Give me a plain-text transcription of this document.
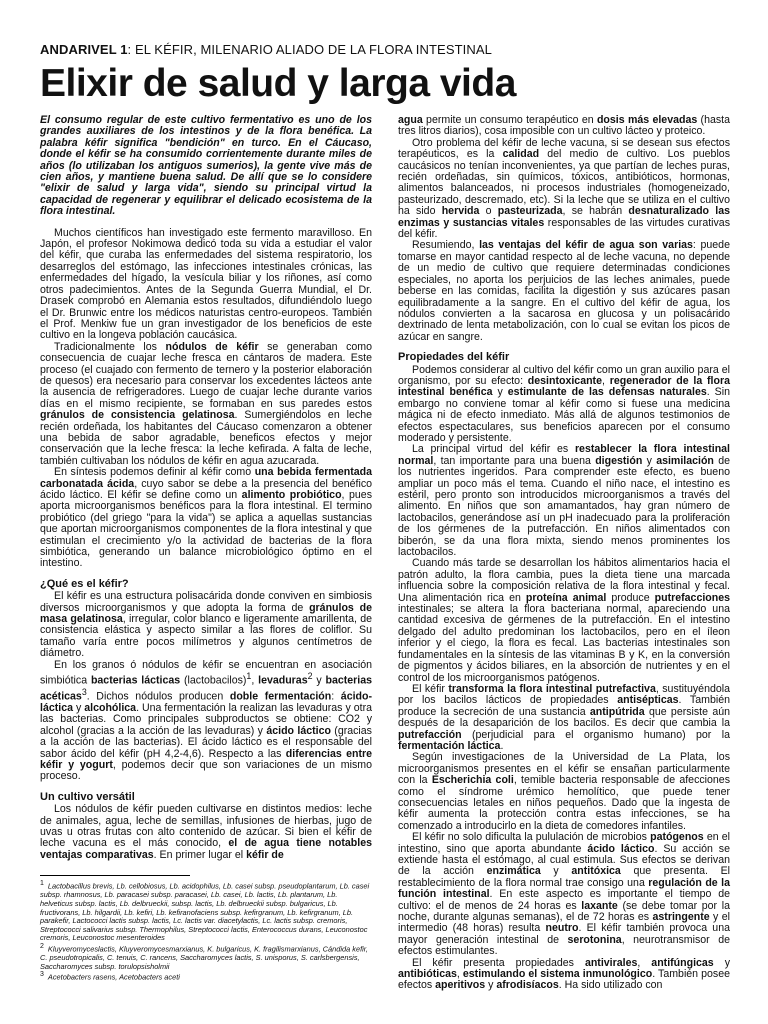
ANDARIVEL 1: EL KÉFIR, MILENARIO ALIADO DE LA FLORA INTESTINAL
Elixir de salud y larga vida

El consumo regular de este cultivo fermentativo es uno de los grandes auxiliares de los intestinos y de la flora benéfica. La palabra kéfir significa "bendición" en turco. En el Cáucaso, donde el kéfir se ha consumido corrientemente durante miles de años (lo utilizaban los antiguos sumerios), la gente vive más de cien años, y mantiene buena salud. De allí que se lo considere "elixir de salud y larga vida", siendo su principal virtud la capacidad de regenerar y equilibrar el delicado ecosistema de la flora intestinal.

Muchos científicos han investigado este fermento maravilloso. En Japón, el profesor Nokimowa dedicó toda su vida a estudiar el valor del kéfir, que curaba las enfermedades del sistema respiratorio, los desarreglos del estómago, las infecciones intestinales crónicas, las enfermedades del hígado, la vesícula biliar y los riñones, así como otros padecimientos. Antes de la Segunda Guerra Mundial, el Dr. Drasek comprobó en Alemania estos resultados, difundiéndolo luego el Dr. Brunwic entre los médicos naturistas centro-europeos. También el Prof. Menkiw fue un gran investigador de los beneficios de este cultivo en la longeva población caucásica.

Tradicionalmente los nódulos de kéfir se generaban como consecuencia de cuajar leche fresca en cántaros de madera. Este proceso (el cuajado con fermento de ternero y la posterior elaboración de quesos) era necesario para conservar los excedentes lácteos ante la ausencia de refrigeradores. Luego de cuajar leche durante varios días en el mismo recipiente, se formaban en sus paredes estos gránulos de consistencia gelatinosa. Sumergiéndolos en leche recién ordeñada, los habitantes del Cáucaso comenzaron a obtener una bebida de sabor agradable, beneficos efectos y mejor conservación que la leche fresca: la leche kefirada. A falta de leche, también cultivaban los nódulos de kéfir en agua azucarada.

En síntesis podemos definir al kéfir como una bebida fermentada carbonatada ácida, cuyo sabor se debe a la presencia del benéfico ácido láctico. El kéfir se define como un alimento probiótico, pues aporta microorganismos benéficos para la flora intestinal. El termino probiótico (del griego "para la vida") se aplica a aquellas sustancias que aportan microorganismos componentes de la flora intestinal y que estimulan el crecimiento y/o la actividad de bacterias de la flora simbiótica, generando un balance microbiológico óptimo en el intestino.

¿Qué es el kéfir?

El kéfir es una estructura polisacárida donde conviven en simbiosis diversos microorganismos y que adopta la forma de gránulos de masa gelatinosa, irregular, color blanco e ligeramente amarillenta, de consistencia elástica y aspecto similar a las flores de coliflor. Su tamaño varía entre pocos milímetros y algunos centímetros de diámetro.

En los granos ó nódulos de kéfir se encuentran en asociación simbiótica bacterias lácticas (lactobacilos)$^1$, levaduras$^2$ y bacterias acéticas$^3$. Dichos nódulos producen doble fermentación: ácido-láctica y alcohólica. Una fermentación la realizan las levaduras y otra las bacterias. Como principales subproductos se obtiene: CO2 y alcohol (gracias a la acción de las levaduras) y ácido láctico (gracias a la acción de las bacterias). El ácido láctico es el responsable del sabor ácido del kéfir (pH 4,2-4,6). Respecto a las diferencias entre kéfir y yogurt, podemos decir que son variaciones de un mismo proceso.

Un cultivo versátil

Los nódulos de kéfir pueden cultivarse en distintos medios: leche de animales, agua, leche de semillas, infusiones de hierbas, jugo de uvas u otras frutas con alto contenido de azúcar. Si bien el kéfir de leche vacuna es el más conocido, el de agua tiene notables ventajas comparativas. En primer lugar el kéfir de

$^1$ Lactobacillus brevis, Lb. cellobiosus, Lb. acidophilus, Lb. casei subsp. pseudoplantarum, Lb. casei subsp. rhamnosus, Lb. paracasei subsp. paracasei, Lb. casei, Lb. lactis, Lb. plantarum, Lb. helveticus subsp. lactis, Lb. delbrueckii, subsp. lactis, Lb. delbrueckii subsp. bulgaricus, Lb. fructivorans, Lb. hilgardii, Lb. kefiri, Lb. kefiranofaciens subsp. kefirgranum, Lb. kefirgranum, Lb. parakefir, Lactococci lactis subsp. lactis, Lc. lactis var. diacetylactis, Lc. lactis subsp. cremoris, Streptococci salivarius subsp. Thermophilus, Streptococci lactis, Enterococcus durans, Leuconostoc cremoris, Leuconostoc mesenteroides

$^2$ Kluyveromyceslactis, Kluyveromycesmarxianus, K. bulgaricus, K. fragilismarxianus, Cándida kefir, C. pseudotropicalis, C. tenuis, C. rancens, Saccharomyces lactis, S. unisporus, S. carlsbergensis, Saccharomyces subsp. torulopsisholmii

$^3$ Acetobacters rasens, Acetobacters aceti

agua permite un consumo terapéutico en dosis más elevadas (hasta tres litros diarios), cosa imposible con un cultivo lácteo y proteico.

Otro problema del kéfir de leche vacuna, si se desean sus efectos terapéuticos, es la calidad del medio de cultivo. Los pueblos caucásicos no tenían inconvenientes, ya que partían de leches puras, recién ordeñadas, sin químicos, tóxicos, antibióticos, hormonas, alimentos balanceados, ni procesos industriales (homogeneizado, pasteurizado, descremado, etc). Si la leche que se utiliza en el cultivo ha sido hervida o pasteurizada, se habrán desnaturalizado las enzimas y sustancias vitales responsables de las virtudes curativas del kéfir.

Resumiendo, las ventajas del kéfir de agua son varias: puede tomarse en mayor cantidad respecto al de leche vacuna, no depende de un medio de cultivo que requiere determinadas condiciones especiales, no aporta los perjuicios de las leches animales, puede beberse en las comidas, facilita la digestión y sus azúcares pasan equilibradamente a la sangre. En el cultivo del kéfir de agua, los nódulos convierten a la sacarosa en glucosa y un polisacárido dextrinado de lenta metabolización, con lo cual se evitan los picos de azúcar en sangre.

Propiedades del kéfir

Podemos considerar al cultivo del kéfir como un gran auxilio para el organismo, por su efecto: desintoxicante, regenerador de la flora intestinal benéfica y estimulante de las defensas naturales. Sin embargo no conviene tomar al kéfir como si fuese una medicina mágica ni de efecto inmediato. Más allá de algunos testimonios de efectos espectaculares, sus beneficios aparecen por el consumo moderado y persistente.

La principal virtud del kéfir es restablecer la flora intestinal normal, tan importante para una buena digestión y asimilación de los nutrientes ingeridos. Para comprender este efecto, es bueno ampliar un poco más el tema. Cuando el niño nace, el intestino es estéril, pero pronto son introducidos microorganismos a través del alimento. En niños que son amamantados, hay gran número de lactobacilos, generándose así un pH inadecuado para la proliferación de los gérmenes de la putrefacción. En niños alimentados con biberón, se da una flora mixta, siendo menos prominentes los lactobacilos.

Cuando más tarde se desarrollan los hábitos alimentarios hacia el patrón adulto, la flora cambia, pues la dieta tiene una marcada influencia sobre la composición relativa de la flora intestinal y fecal. Una alimentación rica en proteína animal produce putrefacciones intestinales; se altera la flora bacteriana normal, apareciendo una cantidad excesiva de gérmenes de la putrefacción. En el intestino delgado del adulto predominan los lactobacilos, pero en el íleon inferior y el ciego, la flora es fecal. Las bacterias intestinales son fundamentales en la síntesis de las vitaminas B y K, en la conversión de pigmentos y ácidos biliares, en la absorción de nutrientes y en el control de los microorganismos patógenos.

El kéfir transforma la flora intestinal putrefactiva, sustituyéndola por los bacilos lácticos de propiedades antisépticas. También produce la secreción de una sustancia antipútrida que persiste aún después de la desaparición de los bacilos. Es decir que cambia la putrefacción (perjudicial para el organismo humano) por la fermentación láctica.

Según investigaciones de la Universidad de La Plata, los microorganismos presentes en el kéfir se ensañan particularmente con la Escherichia coli, temible bacteria responsable de afecciones como el síndrome urémico hemolítico, que puede tener consecuencias letales en niños pequeños. Dado que la ingesta de kéfir aumenta la protección contra estas infecciones, se ha comenzado a introducirlo en la dieta de comedores infantiles.

El kéfir no solo dificulta la pululación de microbios patógenos en el intestino, sino que aporta abundante ácido láctico. Su acción se extiende hasta el estómago, al cual estimula. Sus efectos se derivan de la acción enzimática y antitóxica que presenta. El restablecimiento de la flora normal trae consigo una regulación de la función intestinal. En este aspecto es importante el tiempo de cultivo: el de menos de 24 horas es laxante (se debe tomar por la noche, durante algunas semanas), el de 72 horas es astringente y el intermedio (48 horas) resulta neutro. El kéfir también provoca una mayor generación intestinal de serotonina, neurotransmisor de efectos estimulantes.

El kéfir presenta propiedades antivirales, antifúngicas y antibióticas, estimulando el sistema inmunológico. También posee efectos aperitivos y afrodisíacos. Ha sido utilizado con
